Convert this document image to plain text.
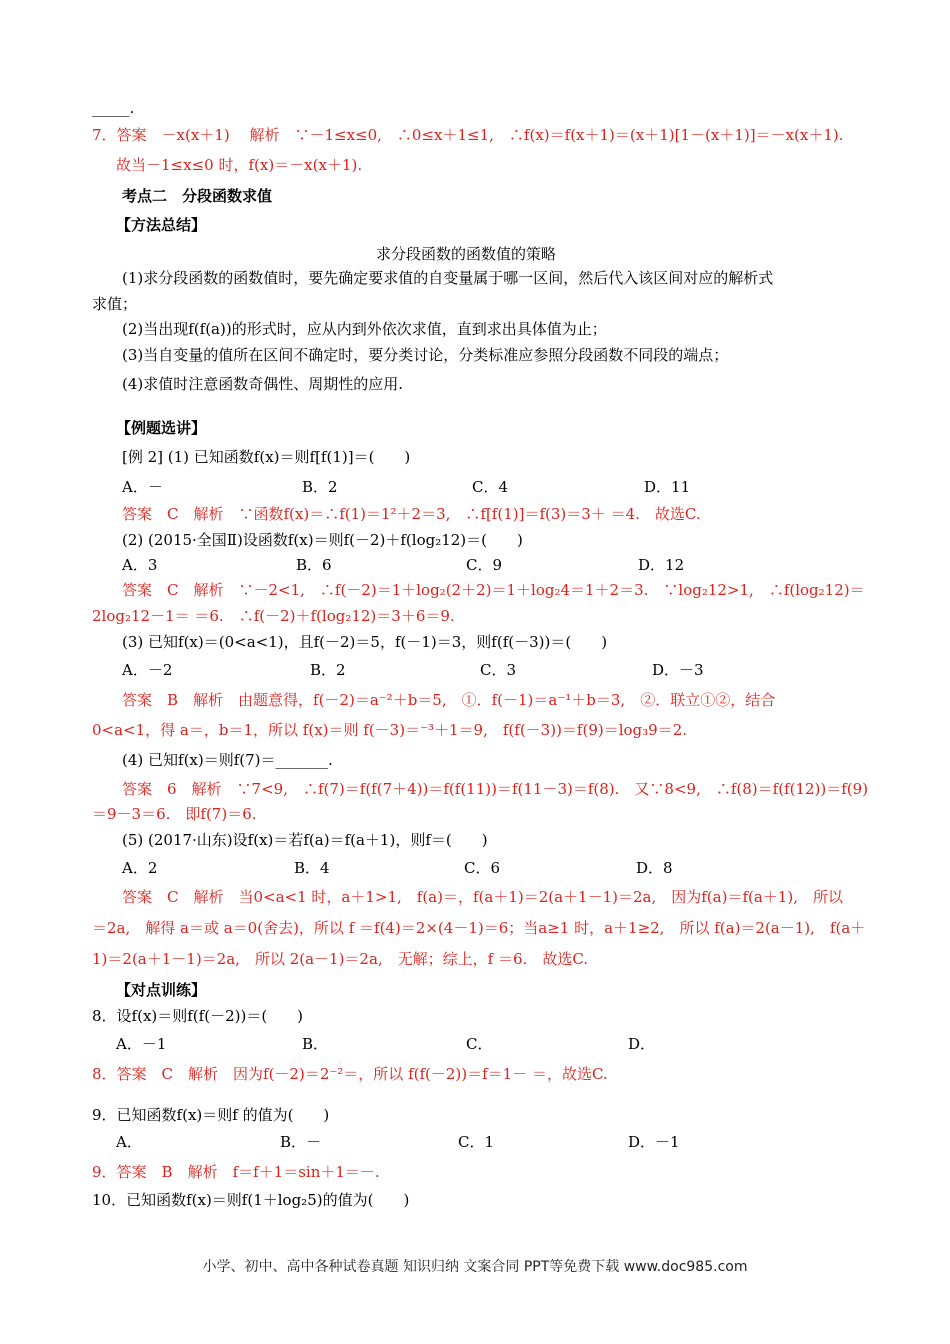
_____.
7．答案　－x(x＋1)　 解析　∵－1≤x≤0,　∴0≤x＋1≤1,　∴f(x)＝f(x＋1)＝(x＋1)[1－(x＋1)]＝－x(x＋1).
故当－1≤x≤0 时，f(x)＝－x(x＋1).
考点二　分段函数求值
【方法总结】
求分段函数的函数值的策略
(1)求分段函数的函数值时，要先确定要求值的自变量属于哪一区间，然后代入该区间对应的解析式
求值；
(2)当出现f(f(a))的形式时，应从内到外依次求值，直到求出具体值为止；
(3)当自变量的值所在区间不确定时，要分类讨论，分类标准应参照分段函数不同段的端点；
(4)求值时注意函数奇偶性、周期性的应用.
【例题选讲】
[例 2] (1) 已知函数f(x)＝则f[f(1)]＝(　　)
A．－	B．2	C．4	D．11
答案　C　解析　∵函数f(x)＝∴f(1)＝1²＋2＝3,　∴f[f(1)]＝f(3)＝3＋ ＝4.　故选C.
(2) (2015·全国Ⅱ)设函数f(x)＝则f(－2)＋f(log₂12)＝(　　)
A．3	B．6	C．9	D．12
答案　C　解析　∵－2<1,　∴f(－2)＝1＋log₂(2＋2)＝1＋log₂4＝1＋2＝3.　∵log₂12>1,　∴f(log₂12)＝
2log₂12－1＝ ＝6.　∴f(－2)＋f(log₂12)＝3＋6＝9.
(3) 已知f(x)＝(0<a<1)，且f(－2)＝5，f(－1)＝3，则f(f(－3))＝(　　)
A．－2	B．2	C．3	D．－3
答案　B　解析　由题意得，f(－2)＝a⁻²＋b＝5,　①．f(－1)＝a⁻¹＋b＝3,　②．联立①②，结合
0<a<1，得 a＝，b＝1，所以 f(x)＝则 f(－3)＝⁻³＋1＝9,　f(f(－3))＝f(9)＝log₃9＝2.
(4) 已知f(x)＝则f(7)＝_______.
答案　6　解析　∵7<9,　∴f(7)＝f(f(7＋4))＝f(f(11))＝f(11－3)＝f(8).　又∵8<9,　∴f(8)＝f(f(12))＝f(9)
＝9－3＝6.　即f(7)＝6.
(5) (2017·山东)设f(x)＝若f(a)＝f(a＋1)，则f＝(　　)
A．2	B．4	C．6	D．8
答案　C　解析　当0<a<1 时，a＋1>1,　f(a)＝，f(a＋1)＝2(a＋1－1)＝2a,　因为f(a)＝f(a＋1),　所以
＝2a,　解得 a＝或 a＝0(舍去)，所以 f ＝f(4)＝2×(4－1)＝6；当a≥1 时，a＋1≥2,　所以 f(a)＝2(a－1),　f(a＋
1)＝2(a＋1－1)＝2a,　所以 2(a－1)＝2a,　无解；综上，f ＝6.　故选C.
【对点训练】
8．设f(x)＝则f(f(－2))＝(　　)
A．－1	B．	C．	D．
8．答案　C　解析　因为f(－2)＝2⁻²＝，所以 f(f(－2))＝f＝1－ ＝，故选C.
9．已知函数f(x)＝则f 的值为(　　)
A．	B．－	C．1	D．－1
9．答案　B　解析　f＝f＋1＝sin＋1＝－.
10．已知函数f(x)＝则f(1＋log₂5)的值为(　　)
小学、初中、高中各种试卷真题 知识归纳 文案合同 PPT等免费下载 www.doc985.com
